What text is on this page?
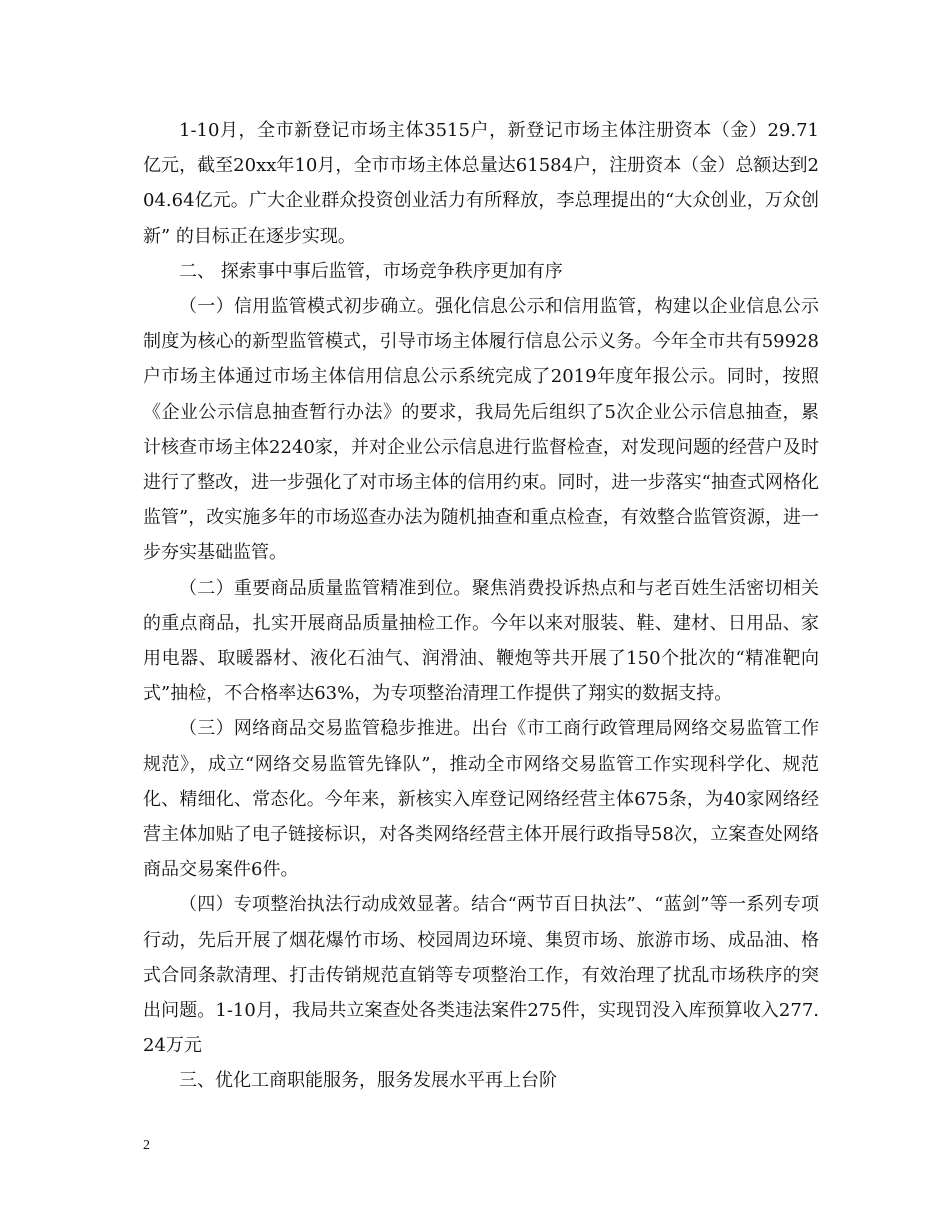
1-10月，全市新登记市场主体3515户，新登记市场主体注册资本（金）29.71亿元，截至20xx年10月，全市市场主体总量达61584户，注册资本（金）总额达到204.64亿元。广大企业群众投资创业活力有所释放，李总理提出的“大众创业，万众创新” 的目标正在逐步实现。

二、 探索事中事后监管，市场竞争秩序更加有序

（一）信用监管模式初步确立。强化信息公示和信用监管，构建以企业信息公示制度为核心的新型监管模式，引导市场主体履行信息公示义务。今年全市共有59928户市场主体通过市场主体信用信息公示系统完成了2019年度年报公示。同时，按照《企业公示信息抽查暂行办法》的要求，我局先后组织了5次企业公示信息抽查，累计核查市场主体2240家，并对企业公示信息进行监督检查，对发现问题的经营户及时进行了整改，进一步强化了对市场主体的信用约束。同时，进一步落实“抽查式网格化监管”，改实施多年的市场巡查办法为随机抽查和重点检查，有效整合监管资源，进一步夯实基础监管。

（二）重要商品质量监管精准到位。聚焦消费投诉热点和与老百姓生活密切相关的重点商品，扎实开展商品质量抽检工作。今年以来对服装、鞋、建材、日用品、家用电器、取暖器材、液化石油气、润滑油、鞭炮等共开展了150个批次的“精准靶向式”抽检，不合格率达63%，为专项整治清理工作提供了翔实的数据支持。

（三）网络商品交易监管稳步推进。出台《市工商行政管理局网络交易监管工作规范》，成立“网络交易监管先锋队”，推动全市网络交易监管工作实现科学化、规范化、精细化、常态化。今年来，新核实入库登记网络经营主体675条，为40家网络经营主体加贴了电子链接标识，对各类网络经营主体开展行政指导58次，立案查处网络商品交易案件6件。

（四）专项整治执法行动成效显著。结合“两节百日执法”、“蓝剑”等一系列专项行动，先后开展了烟花爆竹市场、校园周边环境、集贸市场、旅游市场、成品油、格式合同条款清理、打击传销规范直销等专项整治工作，有效治理了扰乱市场秩序的突出问题。1-10月，我局共立案查处各类违法案件275件，实现罚没入库预算收入277.24万元

三、优化工商职能服务，服务发展水平再上台阶

2
